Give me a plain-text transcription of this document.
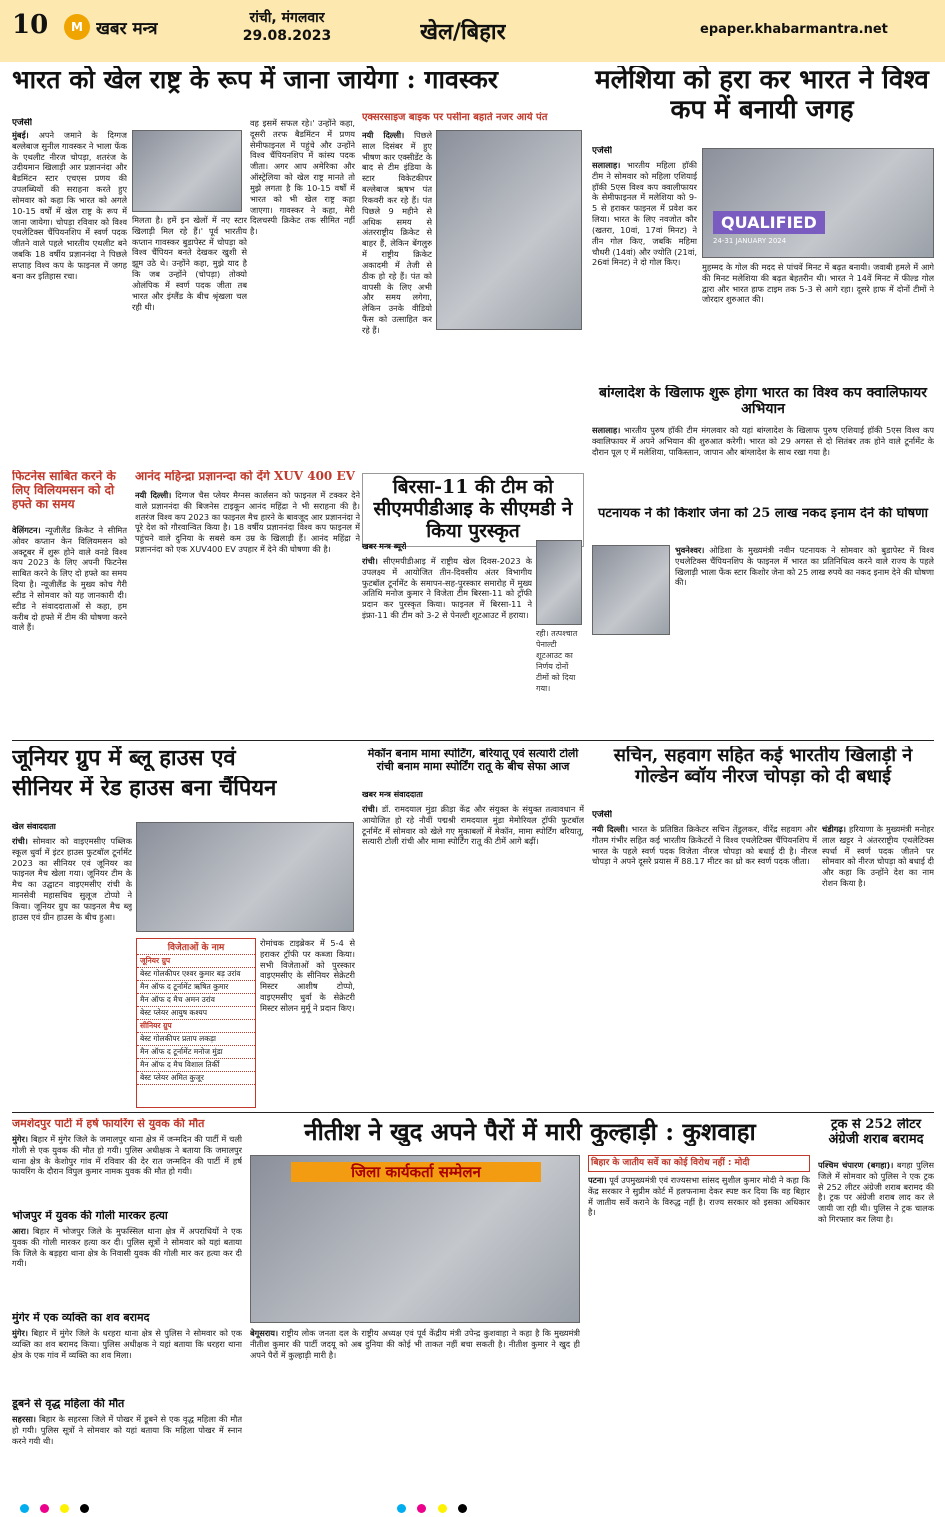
10	M खबर मन्त्र
रांची, मंगलवार
29.08.2023	खेल/बिहार	epaper.khabarmantra.net
भारत को खेल राष्ट्र के रूप में जाना जायेगा : गावस्कर
एजेंसी
मुंबई। अपने जमाने के दिग्गज बल्लेबाज सुनील गावस्कर ने भाला फेंक के एथलीट नीरज चोपड़ा, शतरंज के उदीयमान खिलाड़ी आर प्रज्ञाननंदा और बैडमिंटन स्टार एचएस प्रणय की उपलब्धियों की सराहना करते हुए सोमवार को कहा कि भारत को अगले 10-15 वर्षों में खेल राष्ट्र के रूप में जाना जायेगा। चोपड़ा रविवार को विश्व एथलेटिक्स चैंपियनशिप में स्वर्ण पदक जीतने वाले पहले भारतीय एथलीट बने जबकि 18 वर्षीय प्रज्ञाननंदा ने पिछले सप्ताह विश्व कप के फाइनल में जगह बना कर इतिहास रचा।
मिलता है। हमें इन खेलों में नए स्टार खिलाड़ी मिल रहे हैं।' पूर्व भारतीय कप्तान गावस्कर बुडापेस्ट में चोपड़ा को विश्व चैंपियन बनते देखकर खुशी से झूम उठे थे। उन्होंने कहा, मुझे याद है कि जब उन्होंने (चोपड़ा) तोक्यो ओलंपिक में स्वर्ण पदक जीता तब भारत और इंग्लैंड के बीच श्रृंखला चल रही थी।
वह इसमें सफल रहे।' उन्होंने कहा, दूसरी तरफ बैडमिंटन में प्रणय सेमीफाइनल में पहुंचे और उन्होंने विश्व चैंपियनशिप में कांस्य पदक जीता। अगर आप अमेरिका और ऑस्ट्रेलिया को खेल राष्ट्र मानते तो मुझे लगता है कि 10-15 वर्षों में भारत को भी खेल राष्ट्र कहा जाएगा। गावस्कर ने कहा, मेरी दिलचस्पी क्रिकेट तक सीमित नहीं है।
एक्सरसाइज बाइक पर पसीना बहाते नजर आये पंत
नयी दिल्ली। पिछले साल दिसंबर में हुए भीषण कार एक्सीडेंट के बाद से टीम इंडिया के स्टार विकेटकीपर बल्लेबाज ऋषभ पंत रिकवरी कर रहे हैं। पंत पिछले 9 महीने से अधिक समय से अंतरराष्ट्रीय क्रिकेट से बाहर हैं, लेकिन बेंगलुरु में राष्ट्रीय क्रिकेट अकादमी में तेजी से ठीक हो रहे हैं। पंत को वापसी के लिए अभी और समय लगेगा, लेकिन उनके वीडियो फैंस को उत्साहित कर रहे हैं।
मलेशिया को हरा कर भारत ने विश्व कप में बनायी जगह
एजेंसी
सलालाह। भारतीय महिला हॉकी टीम ने सोमवार को महिला एशियाई हॉकी 5एस विश्व कप क्वालीफायर के सेमीफाइनल में मलेशिया को 9-5 से हराकर फाइनल में प्रवेश कर लिया। भारत के लिए नवजोत कौर (खतरा, 10वां, 17वां मिनट) ने तीन गोल किए, जबकि महिमा चौधरी (14वां) और ज्योति (21वां, 26वां मिनट) ने दो गोल किए।
QUALIFIED
24-31 JANUARY 2024
मुहम्मद के गोल की मदद से पांचवें मिनट में बढ़त बनायी। जवाबी हमले में आगे की मिनट मलेशिया की बढ़त बेहतरीन थी। भारत ने 14वें मिनट में फील्ड गोल द्वारा और भारत हाफ टाइम तक 5-3 से आगे रहा। दूसरे हाफ में दोनों टीमों ने जोरदार शुरुआत की।
फिटनेस साबित करने के लिए विलियमसन को दो हफ्ते का समय
वेलिंगटन। न्यूजीलैंड क्रिकेट ने सीमित ओवर कप्तान केन विलियमसन को अक्टूबर में शुरू होने वाले वनडे विश्व कप 2023 के लिए अपनी फिटनेस साबित करने के लिए दो हफ्ते का समय दिया है। न्यूजीलैंड के मुख्य कोच गैरी स्टीड ने सोमवार को यह जानकारी दी। स्टीड ने संवाददाताओं से कहा, हम करीब दो हफ्ते में टीम की घोषणा करने वाले हैं।
आनंद महिन्द्रा प्रज्ञानन्दा को देंगे XUV 400 EV
नयी दिल्ली। दिग्गज चैस प्लेयर मैग्नस कार्लसन को फाइनल में टक्कर देने वाले प्रज्ञाननंदा की बिजनेस टाइकून आनंद महिंद्रा ने भी सराहना की है। शतरंज विश्व कप 2023 का फाइनल मैच हारने के बावजूद आर प्रज्ञाननंदा ने पूरे देश को गौरवान्वित किया है। 18 वर्षीय प्रज्ञाननंदा विश्व कप फाइनल में पहुंचने वाले दुनिया के सबसे कम उम्र के खिलाड़ी हैं। आनंद महिंद्रा ने प्रज्ञाननंदा को एक XUV400 EV उपहार में देने की घोषणा की है।
बिरसा-11 की टीम को सीएमपीडीआइ के सीएमडी ने किया पुरस्कृत
खबर मन्त्र ब्यूरो
रांची। सीएमपीडीआइ में राष्ट्रीय खेल दिवस-2023 के उपलक्ष्य में आयोजित तीन-दिवसीय अंतर विभागीय फुटबॉल टूर्नामेंट के समापन-सह-पुरस्कार समारोह में मुख्य अतिथि मनोज कुमार ने विजेता टीम बिरसा-11 को ट्रॉफी प्रदान कर पुरस्कृत किया। फाइनल में बिरसा-11 ने इंफ्रा-11 की टीम को 3-2 से पेनल्टी शूटआउट में हराया।
रही। तत्पश्चात पेनाल्टी शूटआउट का निर्णय दोनों टीमों को दिया गया।
बांग्लादेश के खिलाफ शुरू होगा भारत का विश्व कप क्वालिफायर अभियान
सलालाह। भारतीय पुरुष हॉकी टीम मंगलवार को यहां बांग्लादेश के खिलाफ पुरुष एशियाई हॉकी 5एस विश्व कप क्वालिफायर में अपने अभियान की शुरुआत करेगी। भारत को 29 अगस्त से दो सितंबर तक होने वाले टूर्नामेंट के दौरान पूल ए में मलेशिया, पाकिस्तान, जापान और बांग्लादेश के साथ रखा गया है।
पटनायक ने की किशोर जेना को 25 लाख नकद इनाम देने की घोषणा
भुवनेश्वर। ओडिशा के मुख्यमंत्री नवीन पटनायक ने सोमवार को बुडापेस्ट में विश्व एथलेटिक्स चैंपियनशिप के फाइनल में भारत का प्रतिनिधित्व करने वाले राज्य के पहले खिलाड़ी भाला फेंक स्टार किशोर जेना को 25 लाख रुपये का नकद इनाम देने की घोषणा की।
जूनियर ग्रुप में ब्लू हाउस एवं
सीनियर में रेड हाउस बना चैंपियन
खेल संवाददाता
रांची। सोमवार को वाइएमसीए पब्लिक स्कूल धुर्वा में इंटर हाउस फुटबॉल टूर्नामेंट 2023 का सीनियर एवं जूनियर का फाइनल मैच खेला गया। जूनियर टीम के मैच का उद्घाटन वाइएमसीए रांची के मानसेवी महासचिव सुलूज टोप्पो ने किया। जूनियर ग्रुप का फाइनल मैच ब्लू हाउस एवं ग्रीन हाउस के बीच हुआ।
विजेताओं के नाम
जूनियर ग्रुप
बेस्ट गोलकीपर एश्वर कुमार बड़ उरांव
मैन ऑफ द टूर्नामेंट ऋषित कुमार
मैन ऑफ द मैच अमन उरांव
बेस्ट प्लेयर आयुष कश्यप
सीनियर ग्रुप
बेस्ट गोलकीपर प्रताप लकड़ा
मैन ऑफ द टूर्नामेंट मनोज मुंडा
मैन ऑफ द मैच विशाल तिर्की
बेस्ट प्लेयर अमित कुजूर
रोमांचक टाइब्रेकर में 5-4 से हराकर ट्रॉफी पर कब्जा किया। सभी विजेताओं को पुरस्कार वाइएमसीए के सीनियर सेक्रेटरी मिस्टर आशीष टोप्पो, वाइएमसीए धुर्वा के सेक्रेटरी मिस्टर सोलन मुर्मू ने प्रदान किए।
मेकॉन बनाम मामा स्पोर्टिंग, बरियातू एवं सत्यारी टोली रांची बनाम मामा स्पोर्टिंग रातू के बीच सेफा आज
खबर मन्त्र संवाददाता
रांची। डॉ. रामदयाल मुंडा क्रीड़ा केंद्र और संयुक्त के संयुक्त तत्वावधान में आयोजित हो रहे नौवीं पद्मश्री रामदयाल मुंडा मेमोरियल ट्रॉफी फुटबॉल टूर्नामेंट में सोमवार को खेले गए मुकाबलों में मेकॉन, मामा स्पोर्टिंग बरियातू, सत्यारी टोली रांची और मामा स्पोर्टिंग रातू की टीमें आगे बढ़ीं।
सचिन, सहवाग सहित कई भारतीय खिलाड़ी ने गोल्डेन ब्वॉय नीरज चोपड़ा को दी बधाई
एजेंसी
नयी दिल्ली। भारत के प्रतिष्ठित क्रिकेटर सचिन तेंडुलकर, वीरेंद्र सहवाग और गौतम गंभीर सहित कई भारतीय क्रिकेटरों ने विश्व एथलेटिक्स चैंपियनशिप में भारत के पहले स्वर्ण पदक विजेता नीरज चोपड़ा को बधाई दी है। नीरज चोपड़ा ने अपने दूसरे प्रयास में 88.17 मीटर का थ्रो कर स्वर्ण पदक जीता।
चंडीगढ़। हरियाणा के मुख्यमंत्री मनोहर लाल खट्टर ने अंतरराष्ट्रीय एथलेटिक्स स्पर्धा में स्वर्ण पदक जीतने पर सोमवार को नीरज चोपड़ा को बधाई दी और कहा कि उन्होंने देश का नाम रोशन किया है।
जमशेदपुर पार्टी में हर्ष फायरिंग से युवक की मौत
मुंगेर। बिहार में मुंगेर जिले के जमालपुर थाना क्षेत्र में जन्मदिन की पार्टी में चली गोली से एक युवक की मौत हो गयी। पुलिस अधीक्षक ने बताया कि जमालपुर थाना क्षेत्र के केशोपुर गांव में रविवार की देर रात जन्मदिन की पार्टी में हर्ष फायरिंग के दौरान विपुल कुमार नामक युवक की मौत हो गयी।
भोजपुर में युवक की गोली मारकर हत्या
आरा। बिहार में भोजपुर जिले के मुफस्सिल थाना क्षेत्र में अपराधियों ने एक युवक की गोली मारकर हत्या कर दी। पुलिस सूत्रों ने सोमवार को यहां बताया कि जिले के बड़हरा थाना क्षेत्र के निवासी युवक की गोली मार कर हत्या कर दी गयी।
मुंगेर में एक व्यक्ति का शव बरामद
मुंगेर। बिहार में मुंगेर जिले के धरहरा थाना क्षेत्र से पुलिस ने सोमवार को एक व्यक्ति का शव बरामद किया। पुलिस अधीक्षक ने यहां बताया कि धरहरा थाना क्षेत्र के एक गांव में व्यक्ति का शव मिला।
डूबने से वृद्ध महिला की मौत
सहरसा। बिहार के सहरसा जिले में पोखर में डूबने से एक वृद्ध महिला की मौत हो गयी। पुलिस सूत्रों ने सोमवार को यहां बताया कि महिला पोखर में स्नान करने गयी थी।
नीतीश ने खुद अपने पैरों में मारी कुल्हाड़ी : कुशवाहा
जिला कार्यकर्ता सम्मेलन
बेगूसराय। राष्ट्रीय लोक जनता दल के राष्ट्रीय अध्यक्ष एवं पूर्व केंद्रीय मंत्री उपेन्द्र कुशवाहा ने कहा है कि मुख्यमंत्री नीतीश कुमार की पार्टी जदयू को अब दुनिया की कोई भी ताकत नहीं बचा सकती है। नीतीश कुमार ने खुद ही अपने पैरों में कुल्हाड़ी मारी है।
बिहार के जातीय सर्वे का कोई विरोध नहीं : मोदी
पटना। पूर्व उपमुख्यमंत्री एवं राज्यसभा सांसद सुशील कुमार मोदी ने कहा कि केंद्र सरकार ने सुप्रीम कोर्ट में हलफनामा देकर स्पष्ट कर दिया कि वह बिहार में जातीय सर्वे कराने के विरुद्ध नहीं है। राज्य सरकार को इसका अधिकार है।
ट्रक से 252 लीटर अंग्रेजी शराब बरामद
पश्चिम चंपारण (बगहा)। बगहा पुलिस जिले में सोमवार को पुलिस ने एक ट्रक से 252 लीटर अंग्रेजी शराब बरामद की है। ट्रक पर अंग्रेजी शराब लाद कर ले जायी जा रही थी। पुलिस ने ट्रक चालक को गिरफ्तार कर लिया है।
